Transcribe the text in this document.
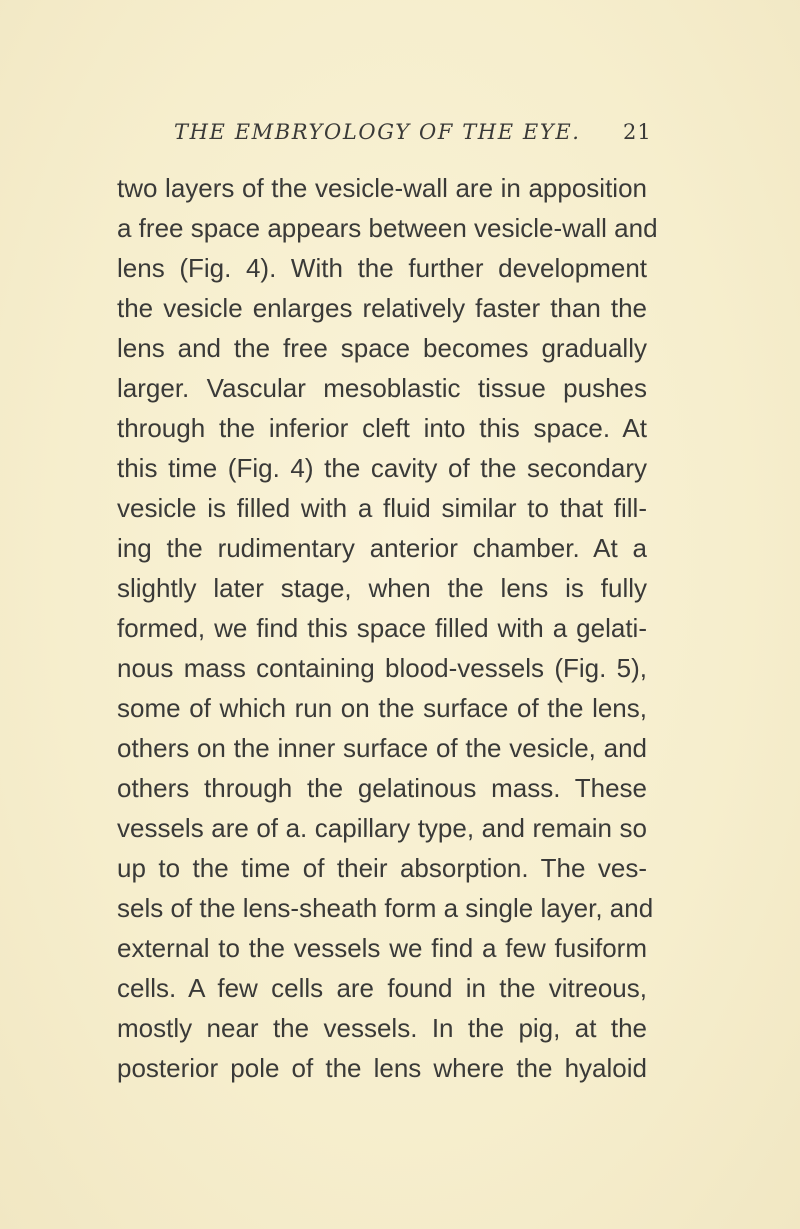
THE EMBRYOLOGY OF THE EYE. 21
two layers of the vesicle-wall are in apposition
a free space appears between vesicle-wall and
lens (Fig. 4). With the further development
the vesicle enlarges relatively faster than the
lens and the free space becomes gradually
larger. Vascular mesoblastic tissue pushes
through the inferior cleft into this space. At
this time (Fig. 4) the cavity of the secondary
vesicle is filled with a fluid similar to that fill-
ing the rudimentary anterior chamber. At a
slightly later stage, when the lens is fully
formed, we find this space filled with a gelati-
nous mass containing blood-vessels (Fig. 5),
some of which run on the surface of the lens,
others on the inner surface of the vesicle, and
others through the gelatinous mass. These
vessels are of a. capillary type, and remain so
up to the time of their absorption. The ves-
sels of the lens-sheath form a single layer, and
external to the vessels we find a few fusiform
cells. A few cells are found in the vitreous,
mostly near the vessels. In the pig, at the
posterior pole of the lens where the hyaloid
